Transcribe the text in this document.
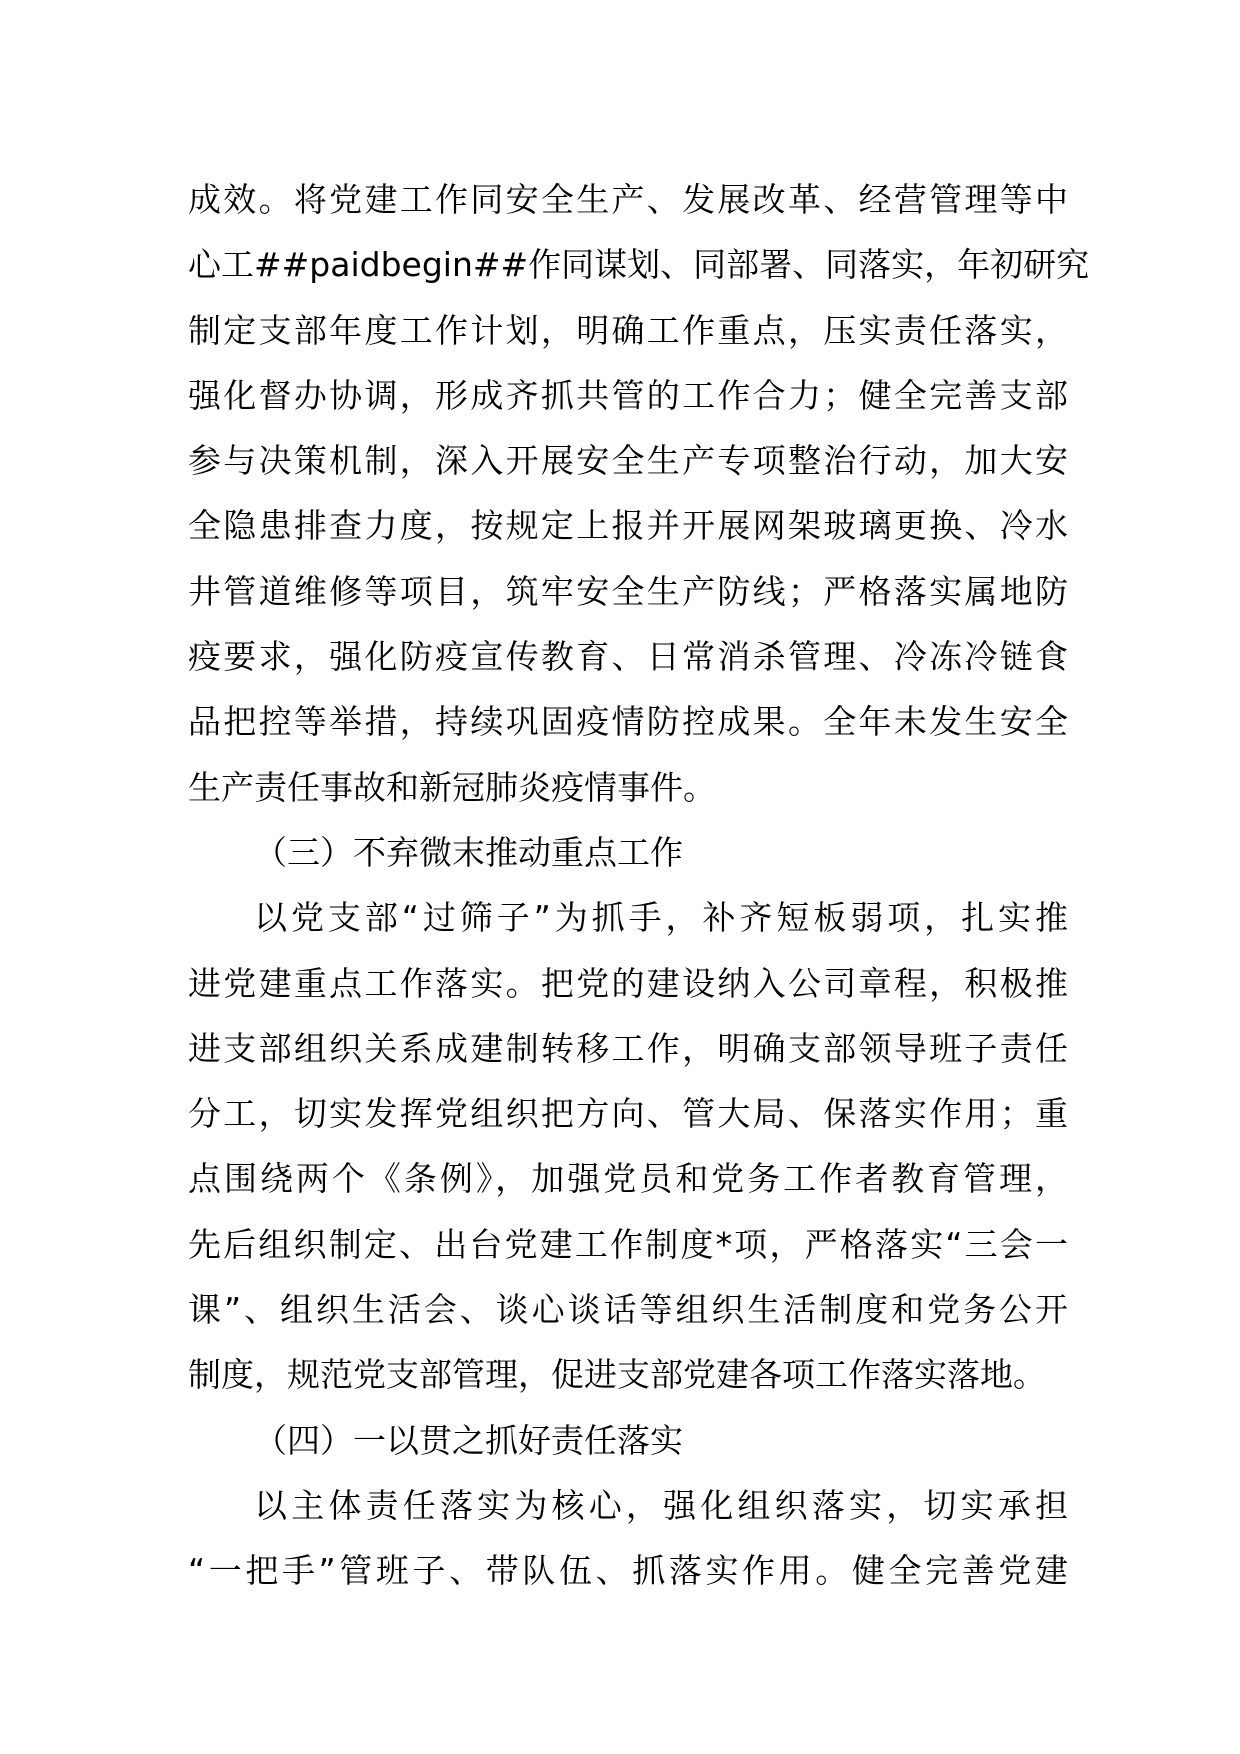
成效。将党建工作同安全生产、发展改革、经营管理等中
心工##paidbegin##作同谋划、同部署、同落实，年初研究
制定支部年度工作计划，明确工作重点，压实责任落实，
强化督办协调，形成齐抓共管的工作合力；健全完善支部
参与决策机制，深入开展安全生产专项整治行动，加大安
全隐患排查力度，按规定上报并开展网架玻璃更换、冷水
井管道维修等项目，筑牢安全生产防线；严格落实属地防
疫要求，强化防疫宣传教育、日常消杀管理、冷冻冷链食
品把控等举措，持续巩固疫情防控成果。全年未发生安全
生产责任事故和新冠肺炎疫情事件。
（三）不弃微末推动重点工作
以党支部“过筛子”为抓手，补齐短板弱项，扎实推
进党建重点工作落实。把党的建设纳入公司章程，积极推
进支部组织关系成建制转移工作，明确支部领导班子责任
分工，切实发挥党组织把方向、管大局、保落实作用；重
点围绕两个《条例》，加强党员和党务工作者教育管理，
先后组织制定、出台党建工作制度*项，严格落实“三会一
课”、组织生活会、谈心谈话等组织生活制度和党务公开
制度，规范党支部管理，促进支部党建各项工作落实落地。
（四）一以贯之抓好责任落实
以主体责任落实为核心，强化组织落实，切实承担
“一把手”管班子、带队伍、抓落实作用。健全完善党建
